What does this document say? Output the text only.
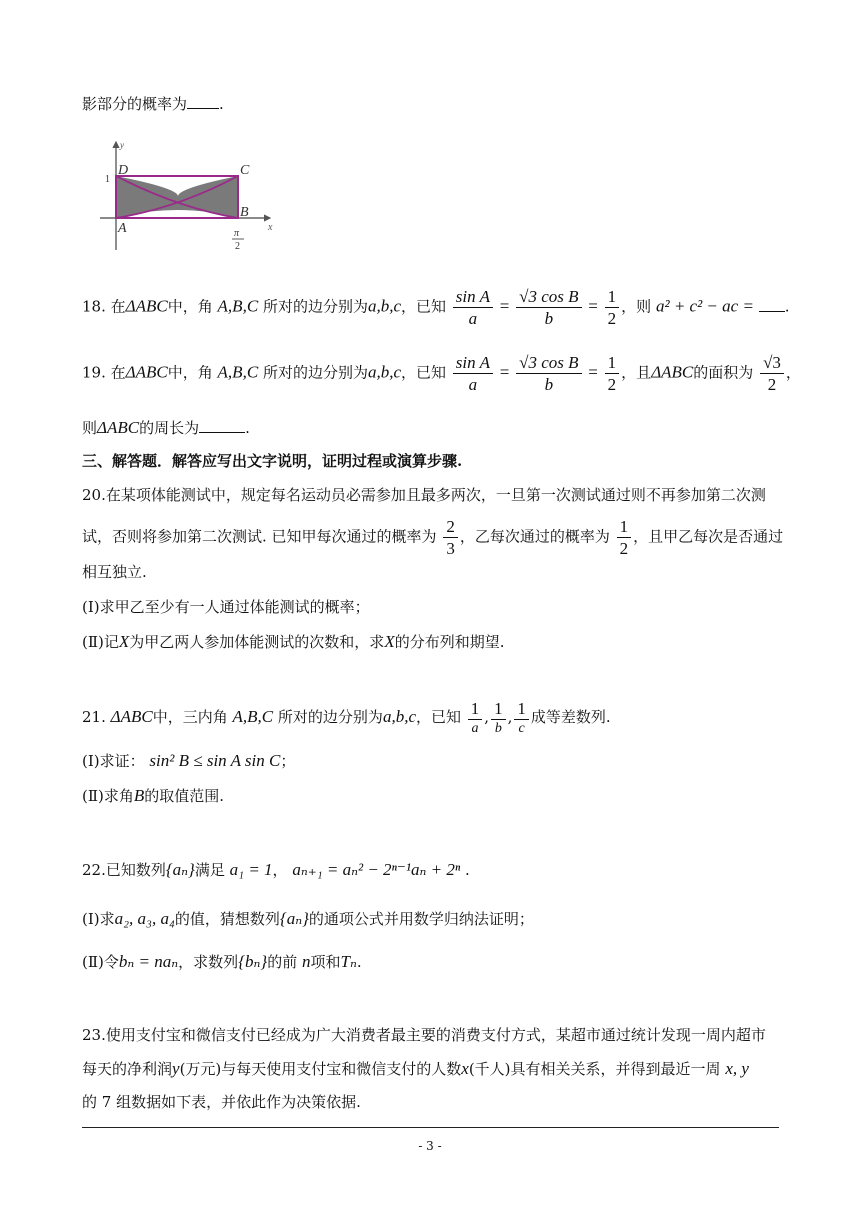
影部分的概率为 .
y
x
D	C
B
A
1
π
2
18. 在ΔABC中，角 A,B,C 所对的边分别为a,b,c，已知 $\frac{\text{sin A}}{a} = \frac{\text{√3 cos B}}{b} = \frac{1}{2}$ ，则 a² + c² − ac = .
19. 在ΔABC中，角 A,B,C 所对的边分别为a,b,c，已知 $\frac{\text{sin A}}{a} = \frac{\text{√3 cos B}}{b} = \frac{1}{2}$ ，且ΔABC的面积为 $\frac{√3}{2}$ ，
则ΔABC的周长为	.
三、解答题．解答应写出文字说明，证明过程或演算步骤.
20.在某项体能测试中，规定每名运动员必需参加且最多两次，一旦第一次测试通过则不再参加第二次测
试，否则将参加第二次测试. 已知甲每次通过的概率为 $\frac{2}{3}$ ，乙每次通过的概率为 $\frac{1}{2}$ ，且甲乙每次是否通过
相互独立.
(Ⅰ)求甲乙至少有一人通过体能测试的概率；
(Ⅱ)记X为甲乙两人参加体能测试的次数和，求X的分布列和期望.
21. ΔABC中，三内角 A,B,C 所对的边分别为a,b,c，已知 $\frac{1}{a}$ , $\frac{1}{b}$ , $\frac{1}{c}$ 成等差数列.
(Ⅰ)求证： sin² B ≤ sin A sin C；
(Ⅱ)求角B的取值范围.
22.已知数列{aₙ}满足 a₁ = 1， aₙ₊₁ = aₙ² − 2ⁿ⁻¹aₙ + 2ⁿ .
(Ⅰ)求a₂, a₃, a₄的值，猜想数列{aₙ}的通项公式并用数学归纳法证明；
(Ⅱ)令bₙ = naₙ，求数列{bₙ}的前 n项和Tₙ.
23.使用支付宝和微信支付已经成为广大消费者最主要的消费支付方式，某超市通过统计发现一周内超市
每天的净利润y(万元)与每天使用支付宝和微信支付的人数x(千人)具有相关关系，并得到最近一周 x, y
的 7 组数据如下表，并依此作为决策依据.
- 3 -
